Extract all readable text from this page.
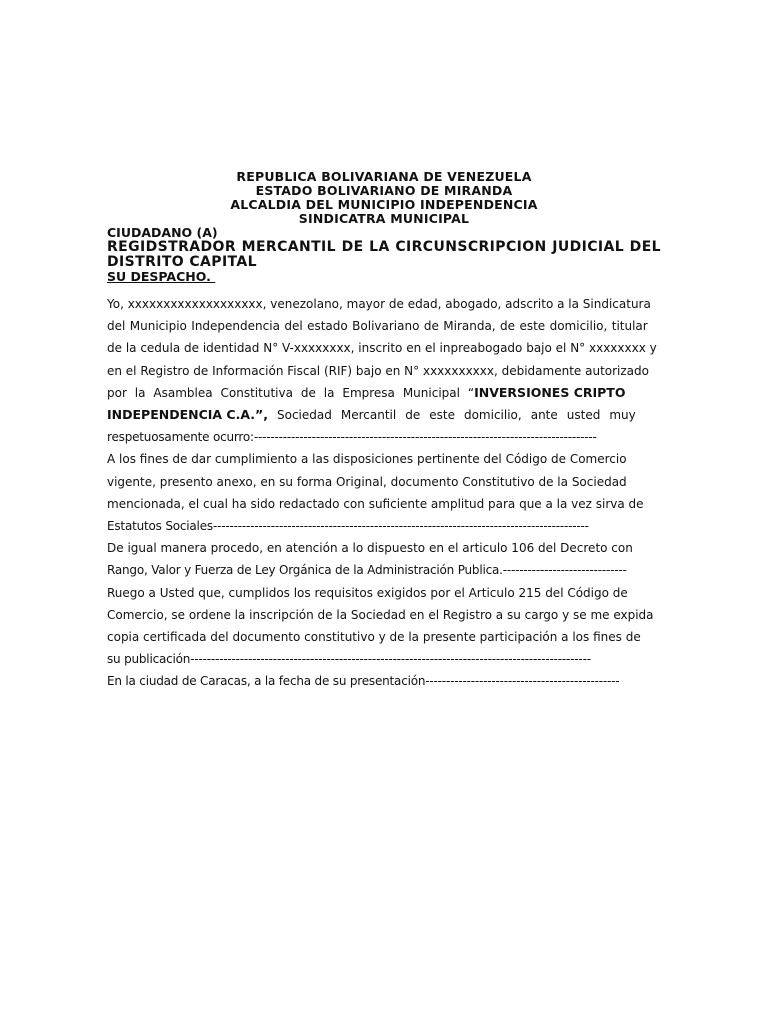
REPUBLICA BOLIVARIANA DE VENEZUELA
ESTADO BOLIVARIANO DE MIRANDA
ALCALDIA DEL MUNICIPIO INDEPENDENCIA
SINDICATRA MUNICIPAL
CIUDADANO (A)
REGIDSTRADOR MERCANTIL DE LA CIRCUNSCRIPCION JUDICIAL DEL DISTRITO CAPITAL
SU DESPACHO.
Yo, xxxxxxxxxxxxxxxxxxx, venezolano, mayor de edad, abogado, adscrito a la Sindicatura
del Municipio Independencia del estado Bolivariano de Miranda, de este domicilio, titular
de la cedula de identidad N° V-xxxxxxxx, inscrito en el inpreabogado bajo el N° xxxxxxxx y
en el Registro de Información Fiscal (RIF) bajo en N° xxxxxxxxxx, debidamente autorizado
por la Asamblea Constitutiva de la Empresa Municipal “INVERSIONES CRIPTO
INDEPENDENCIA C.A.”, Sociedad Mercantil de este domicilio, ante usted muy
respetuosamente ocurro:-----------------------------------------------------------------------------------
A los fines de dar cumplimiento a las disposiciones pertinente del Código de Comercio
vigente, presento anexo, en su forma Original, documento Constitutivo de la Sociedad
mencionada, el cual ha sido redactado con suficiente amplitud para que a la vez sirva de
Estatutos Sociales-------------------------------------------------------------------------------------------
De igual manera procedo, en atención a lo dispuesto en el articulo 106 del Decreto con
Rango, Valor y Fuerza de Ley Orgánica de la Administración Publica.------------------------------
Ruego a Usted que, cumplidos los requisitos exigidos por el Articulo 215 del Código de
Comercio, se ordene la inscripción de la Sociedad en el Registro a su cargo y se me expida
copia certificada del documento constitutivo y de la presente participación a los fines de
su publicación-------------------------------------------------------------------------------------------------
En la ciudad de Caracas, a la fecha de su presentación-----------------------------------------------
